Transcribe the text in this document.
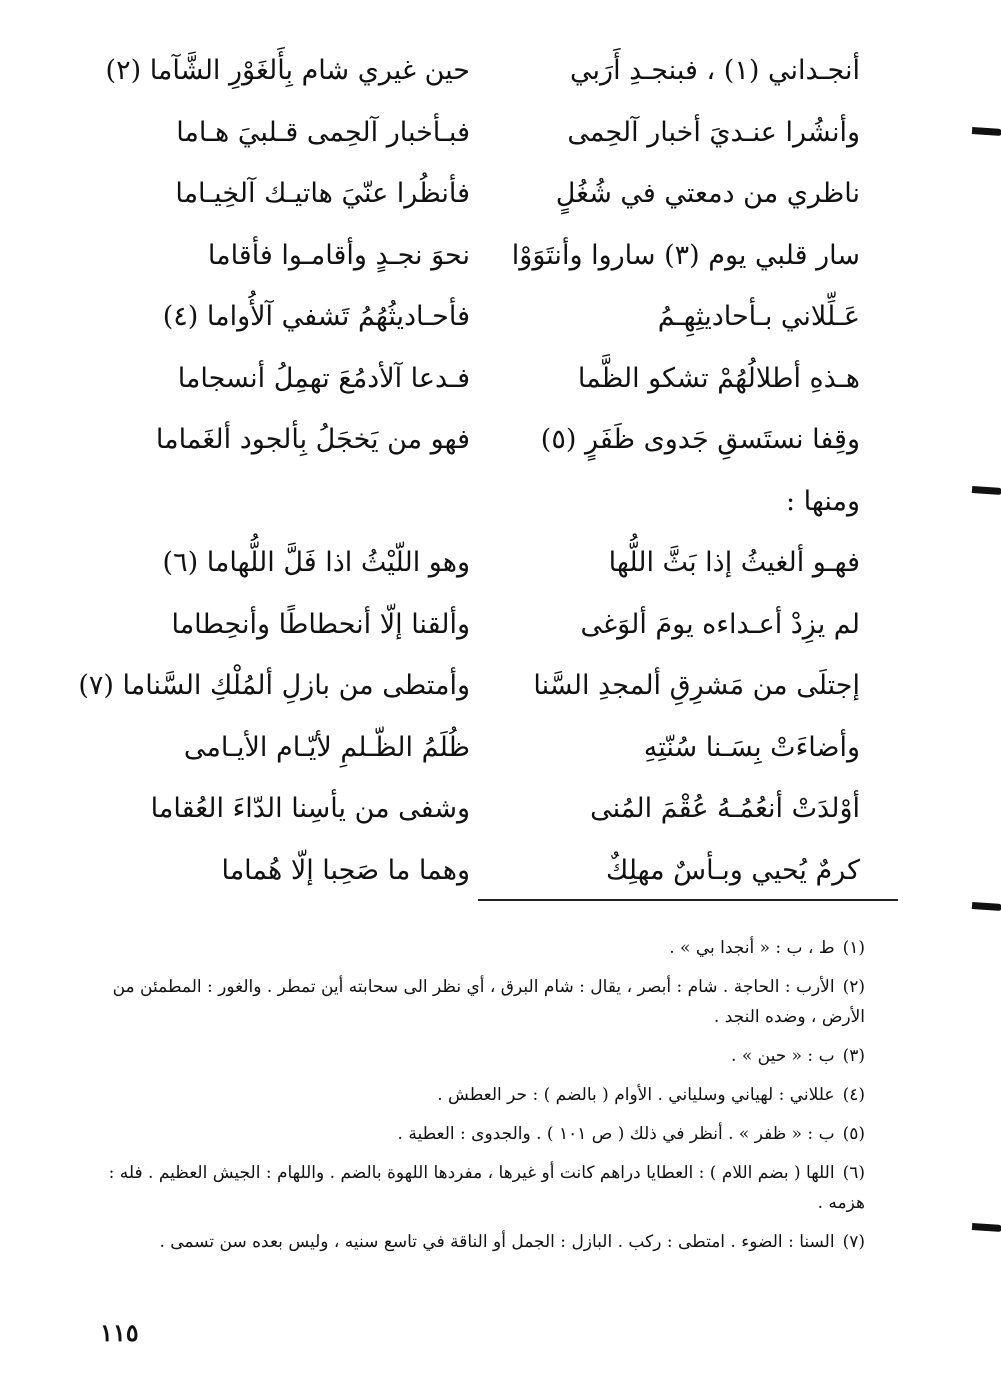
أنجـداني (١) ، فبنجـدِ أَرَبي
حين غيري شام بِأَلغَوْرِ الشَّآما (٢)
وأنشُرا عنـديَ أخبار آلحِمى
فبـأخبار آلحِمى قـلبيَ هـاما
ناظري من دمعتي في شُغُلٍ
فأنظُرا عنّيَ هاتيـك آلخِيـاما
سار قلبي يوم (٣) ساروا وأنتَوَوْا
نحوَ نجـدٍ وأقامـوا فأقاما
عَـلِّلاني بـأحاديثِهِـمُ
فأحـاديثُهُمُ تَشفي آلأُواما (٤)
هـذهِ أطلالُهُمْ تشكو الظَّما
فـدعا آلأدمُعَ تهمِلُ أنسجاما
وقِفا نستَسقِ جَدوى ظَفَرٍ (٥)
فهو من يَخجَلُ بِألجود ألغَماما
ومنها :
فهـو ألغيثُ إذا بَثَّ اللُّها
وهو اللّيْثُ اذا فَلَّ اللُّهاما (٦)
لم يزِدْ أعـداءه يومَ ألوَغى
وألقنا إلّا أنحطاطًا وأنحِطاما
إجتلَى من مَشرِقِ ألمجدِ السَّنا
وأمتطى من بازلِ ألمُلْكِ السَّناما (٧)
وأضاءَتْ بِسَـنا سُنّتِهِ
ظُلَمُ الظّـلمِ لأيّـام الأيـامى
أوْلدَتْ أنعُمُـهُ عُقْمَ المُنى
وشفى من يأسِنا الدّاءَ العُقاما
كرمٌ يُحيي وبـأسٌ مهلِكٌ
وهما ما صَحِبا إلّا هُماما

(١)ط ، ب : « أنجدا بي » .

(٢)الأرب : الحاجة . شام : أبصر ، يقال : شام البرق ، أي نظر الى سحابته أين تمطر . والغور : المطمئن من الأرض ، وضده النجد .

(٣)ب : « حين » .

(٤)عللاني : لهياني وسلياني . الأوام ( بالضم ) : حر العطش .

(٥)ب : « ظفر » . أنظر في ذلك ( ص ١٠١ ) . والجدوى : العطية .

(٦)اللها ( بضم اللام ) : العطايا دراهم كانت أو غيرها ، مفردها اللهوة بالضم . واللهام : الجيش العظيم . فله : هزمه .

(٧)السنا : الضوء . امتطى : ركب . البازل : الجمل أو الناقة في تاسع سنيه ، وليس بعده سن تسمى .

١١٥
